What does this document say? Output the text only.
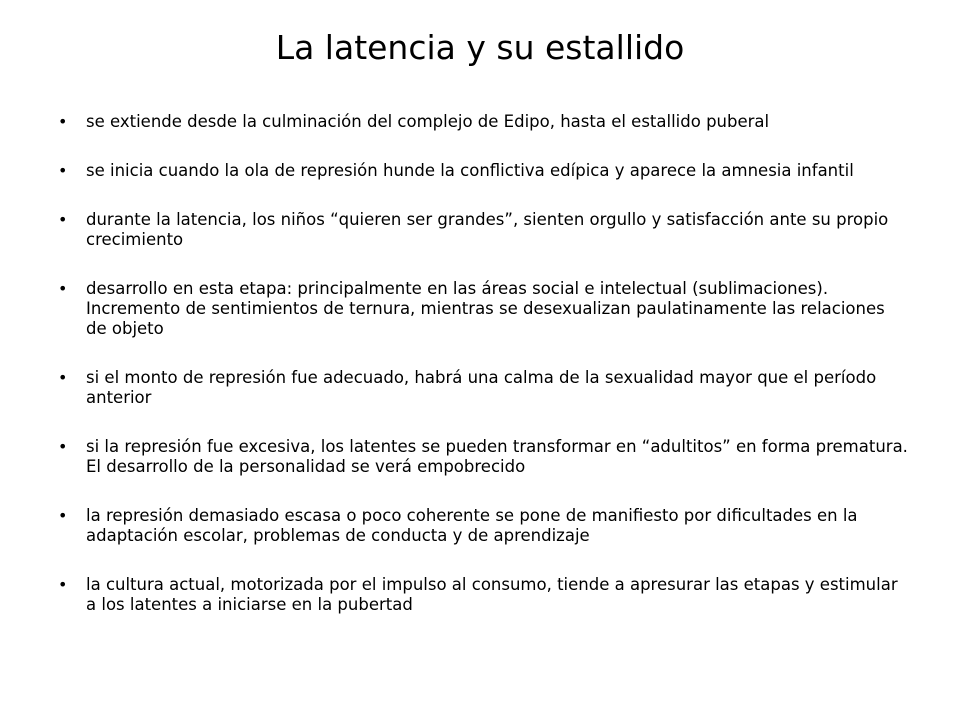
La latencia y su estallido
•	se extiende desde la culminación del complejo de Edipo, hasta el estallido puberal
•	se inicia cuando la ola de represión hunde la conflictiva edípica y aparece la amnesia infantil
•	durante la latencia, los niños “quieren ser grandes”, sienten orgullo y satisfacción ante su propio crecimiento
•	desarrollo en esta etapa: principalmente en las áreas social e intelectual (sublimaciones). Incremento de sentimientos de ternura, mientras se desexualizan paulatinamente las relaciones de objeto
•	si el monto de represión fue adecuado, habrá una calma de la sexualidad mayor que el período anterior
•	si la represión fue excesiva, los latentes se pueden transformar en “adultitos” en forma prematura. El desarrollo de la personalidad se verá empobrecido
•	la represión demasiado escasa o poco coherente se pone de manifiesto por dificultades en la adaptación escolar, problemas de conducta y de aprendizaje
•	la cultura actual, motorizada por el impulso al consumo, tiende a apresurar las etapas y estimular a los latentes a iniciarse en la pubertad
